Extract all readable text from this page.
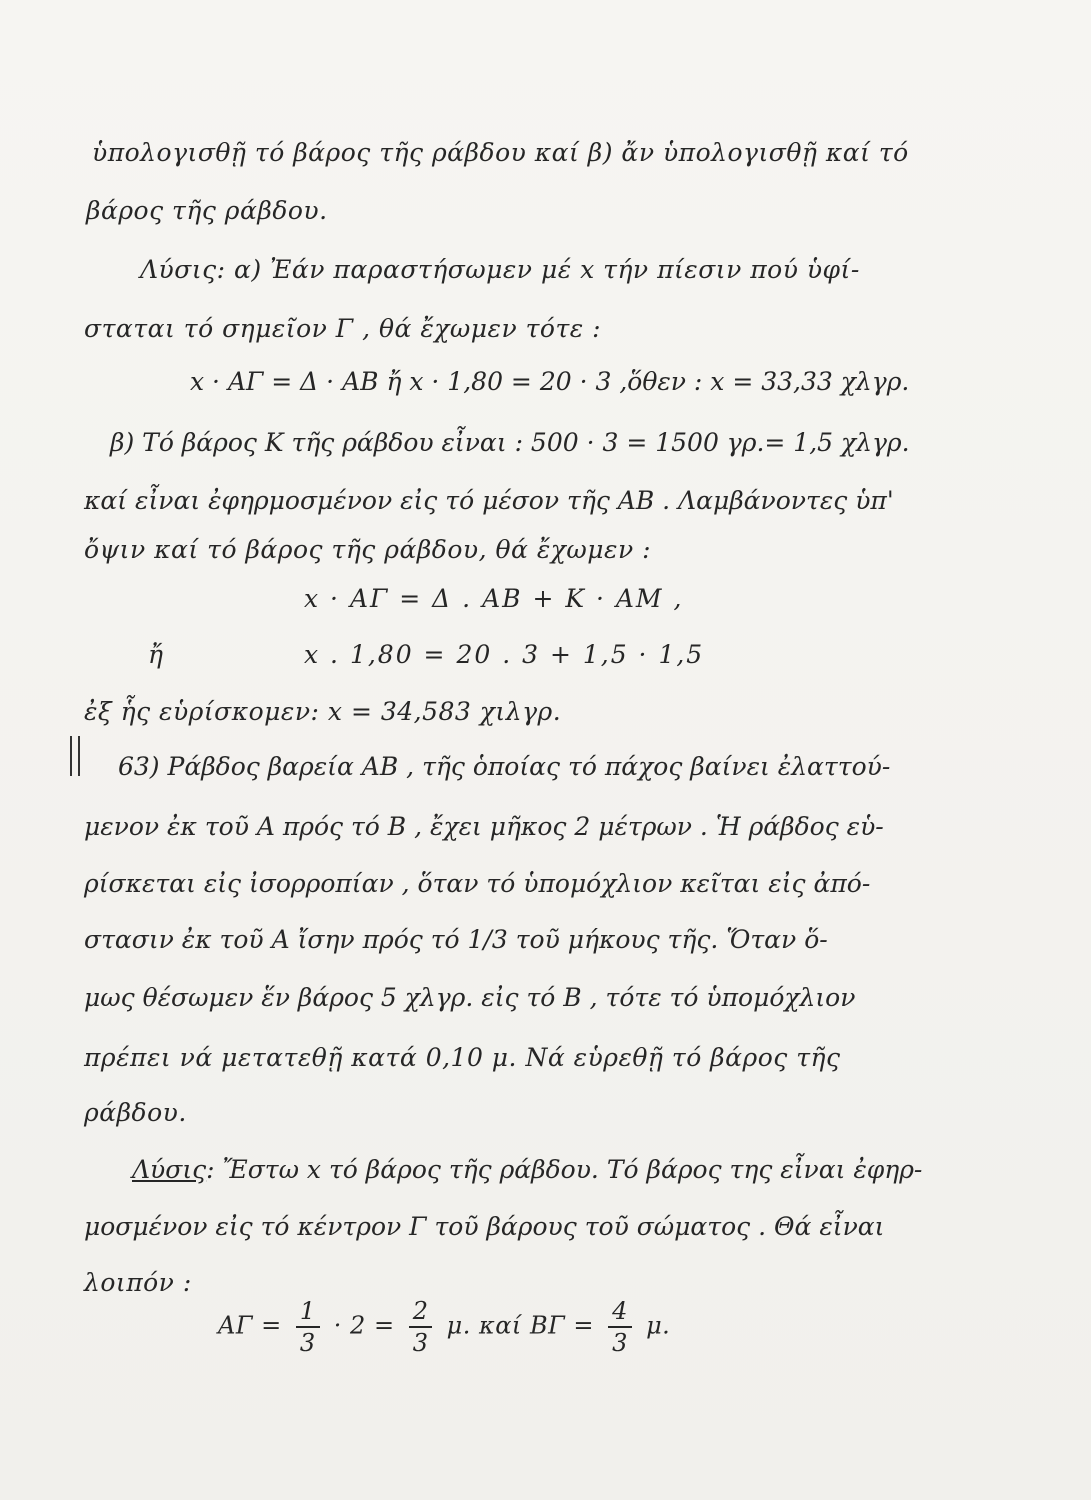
ὑπολογισθῇ τό βάρος τῆς ράβδου καί β) ἄν ὑπολογισθῇ καί τό
βάρος τῆς ράβδου.
Λύσις: α) Ἐάν παραστήσωμεν μέ x τήν πίεσιν πού ὑφί-
σταται τό σημεῖον Γ , θά ἔχωμεν τότε :
x · ΑΓ = Δ · ΑΒ ἤ x · 1,80 = 20 · 3 ,ὅθεν : x = 33,33 χλγρ.
β) Τό βάρος Κ τῆς ράβδου εἶναι : 500 · 3 = 1500 γρ.= 1,5 χλγρ.
καί εἶναι ἐφηρμοσμένον εἰς τό μέσον τῆς ΑΒ . Λαμβάνοντες ὑπ'
ὄψιν καί τό βάρος τῆς ράβδου, θά ἔχωμεν :
x · ΑΓ = Δ . ΑΒ + Κ · ΑΜ ,
ἤ	x . 1,80 = 20 . 3 + 1,5 · 1,5
ἐξ ἧς εὑρίσκομεν: x = 34,583 χιλγρ.
63) Ράβδος βαρεία ΑΒ , τῆς ὁποίας τό πάχος βαίνει ἐλαττού-
μενον ἐκ τοῦ Α πρός τό Β , ἔχει μῆκος 2 μέτρων . Ἡ ράβδος εὑ-
ρίσκεται εἰς ἰσορροπίαν , ὅταν τό ὑπομόχλιον κεῖται εἰς ἀπό-
στασιν ἐκ τοῦ Α ἴσην πρός τό 1/3 τοῦ μήκους τῆς. Ὅταν ὅ-
μως θέσωμεν ἕν βάρος 5 χλγρ. εἰς τό Β , τότε τό ὑπομόχλιον
πρέπει νά μετατεθῇ κατά 0,10 μ. Νά εὑρεθῇ τό βάρος τῆς
ράβδου.
Λύσις: Ἔστω x τό βάρος τῆς ράβδου. Τό βάρος της εἶναι ἐφηρ-
μοσμένον εἰς τό κέντρον Γ τοῦ βάρους τοῦ σώματος . Θά εἶναι
λοιπόν :
$A\Gamma = \frac{1}{3} \cdot 2 = \frac{2}{3} \mu$. καί $B\Gamma = \frac{4}{3} \mu$.
